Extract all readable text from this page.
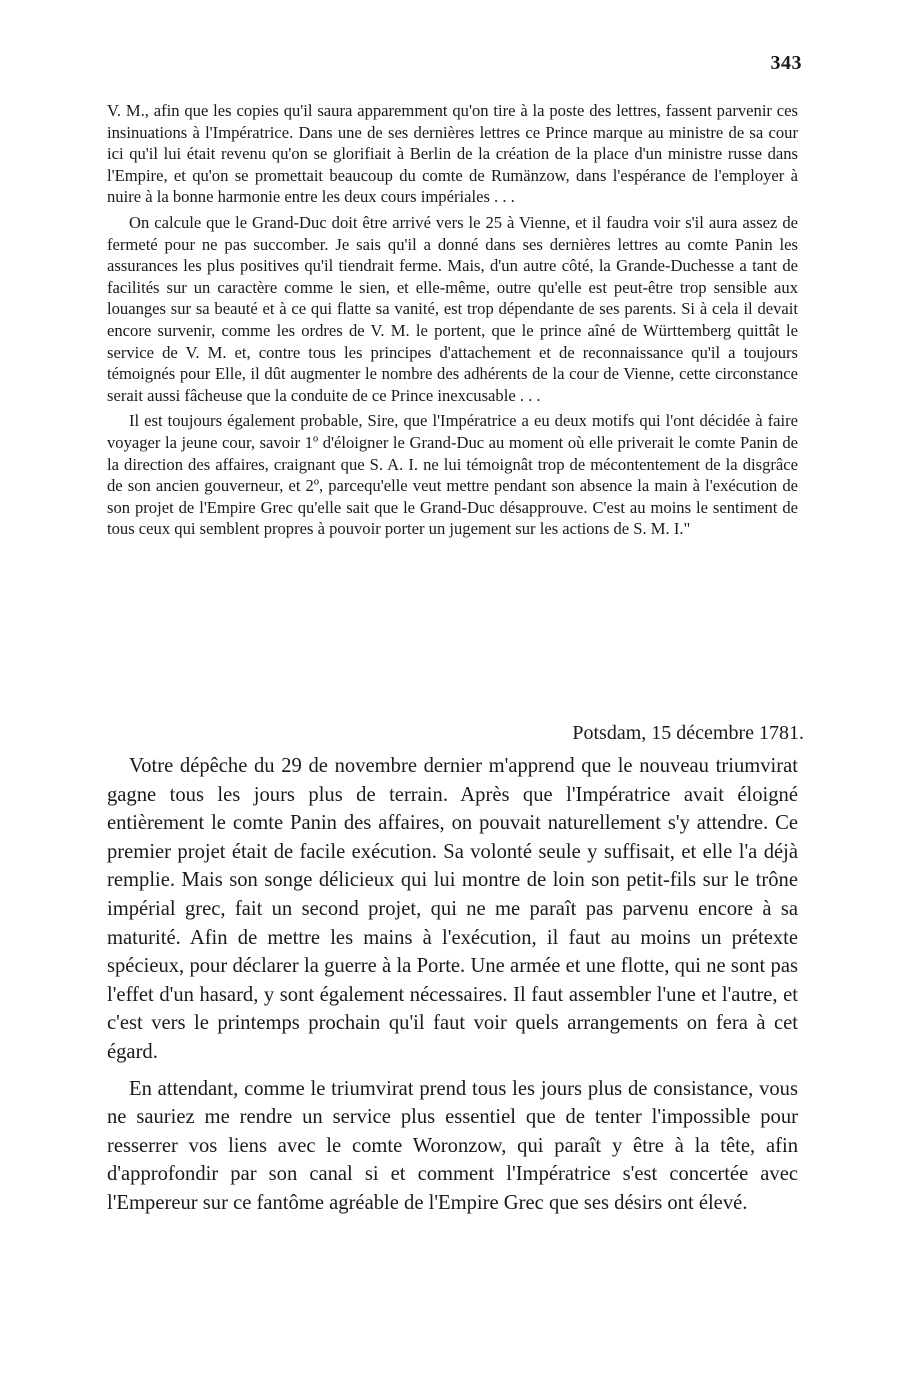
343

V. M., afin que les copies qu'il saura apparemment qu'on tire à la poste des lettres, fassent parvenir ces insinuations à l'Impératrice. Dans une de ses dernières lettres ce Prince marque au ministre de sa cour ici qu'il lui était revenu qu'on se glorifiait à Berlin de la création de la place d'un ministre russe dans l'Empire, et qu'on se promettait beaucoup du comte de Rumänzow, dans l'espérance de l'employer à nuire à la bonne harmonie entre les deux cours impériales . . .

On calcule que le Grand-Duc doit être arrivé vers le 25 à Vienne, et il faudra voir s'il aura assez de fermeté pour ne pas succomber. Je sais qu'il a donné dans ses dernières lettres au comte Panin les assurances les plus positives qu'il tiendrait ferme. Mais, d'un autre côté, la Grande-Duchesse a tant de facilités sur un caractère comme le sien, et elle-même, outre qu'elle est peut-être trop sensible aux louanges sur sa beauté et à ce qui flatte sa vanité, est trop dépendante de ses parents. Si à cela il devait encore survenir, comme les ordres de V. M. le portent, que le prince aîné de Württemberg quittât le service de V. M. et, contre tous les principes d'attachement et de reconnaissance qu'il a toujours témoignés pour Elle, il dût augmenter le nombre des adhérents de la cour de Vienne, cette circonstance serait aussi fâcheuse que la conduite de ce Prince inexcusable . . .

Il est toujours également probable, Sire, que l'Impératrice a eu deux motifs qui l'ont décidée à faire voyager la jeune cour, savoir 1º d'éloigner le Grand-Duc au moment où elle priverait le comte Panin de la direction des affaires, craignant que S. A. I. ne lui témoignât trop de mécontentement de la disgrâce de son ancien gouverneur, et 2º, parcequ'elle veut mettre pendant son absence la main à l'exécution de son projet de l'Empire Grec qu'elle sait que le Grand-Duc désapprouve. C'est au moins le sentiment de tous ceux qui semblent propres à pouvoir porter un jugement sur les actions de S. M. I."

Potsdam, 15 décembre 1781.

Votre dépêche du 29 de novembre dernier m'apprend que le nouveau triumvirat gagne tous les jours plus de terrain. Après que l'Impératrice avait éloigné entièrement le comte Panin des affaires, on pouvait naturellement s'y attendre. Ce premier projet était de facile exécution. Sa volonté seule y suffisait, et elle l'a déjà remplie. Mais son songe délicieux qui lui montre de loin son petit-fils sur le trône impérial grec, fait un second projet, qui ne me paraît pas parvenu encore à sa maturité. Afin de mettre les mains à l'exécution, il faut au moins un prétexte spécieux, pour déclarer la guerre à la Porte. Une armée et une flotte, qui ne sont pas l'effet d'un hasard, y sont également nécessaires. Il faut assembler l'une et l'autre, et c'est vers le printemps prochain qu'il faut voir quels arrangements on fera à cet égard.

En attendant, comme le triumvirat prend tous les jours plus de consistance, vous ne sauriez me rendre un service plus essentiel que de tenter l'impossible pour resserrer vos liens avec le comte Woronzow, qui paraît y être à la tête, afin d'approfondir par son canal si et comment l'Impératrice s'est concertée avec l'Empereur sur ce fantôme agréable de l'Empire Grec que ses désirs ont élevé.
